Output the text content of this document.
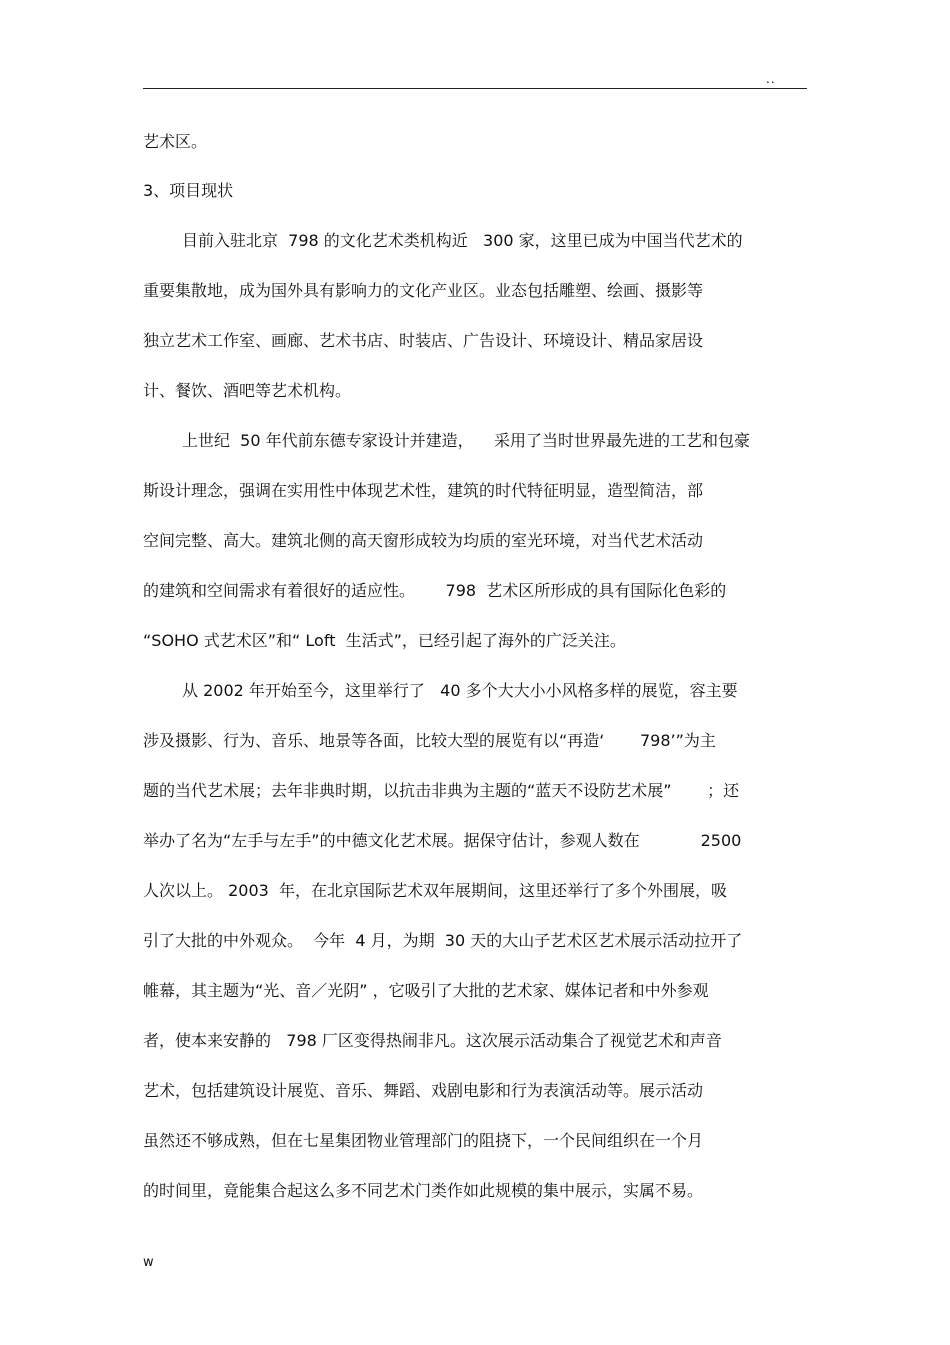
..
艺术区。
3、项目现状
目前入驻北京  798 的文化艺术类机构近   300 家，这里已成为中国当代艺术的
重要集散地，成为国外具有影响力的文化产业区。业态包括雕塑、绘画、摄影等
独立艺术工作室、画廊、艺术书店、时装店、广告设计、环境设计、精品家居设
计、餐饮、酒吧等艺术机构。
上世纪  50 年代前东德专家设计并建造，    采用了当时世界最先进的工艺和包豪
斯设计理念，强调在实用性中体现艺术性，建筑的时代特征明显，造型简洁，部
空间完整、高大。建筑北侧的高天窗形成较为均质的室光环境，对当代艺术活动
的建筑和空间需求有着很好的适应性。      798  艺术区所形成的具有国际化色彩的
“SOHO 式艺术区”和“ Loft  生活式”，已经引起了海外的广泛关注。
从 2002 年开始至今，这里举行了   40 多个大大小小风格多样的展览，容主要
涉及摄影、行为、音乐、地景等各面，比较大型的展览有以“再造‘       798’”为主
题的当代艺术展；去年非典时期，以抗击非典为主题的“蓝天不设防艺术展”       ；还
举办了名为“左手与左手”的中德文化艺术展。据保守估计，参观人数在            2500
人次以上。 2003  年，在北京国际艺术双年展期间，这里还举行了多个外围展，吸
引了大批的中外观众。  今年  4 月，为期  30 天的大山子艺术区艺术展示活动拉开了
帷幕，其主题为“光、音／光阴” ，它吸引了大批的艺术家、媒体记者和中外参观
者，使本来安静的   798 厂区变得热闹非凡。这次展示活动集合了视觉艺术和声音
艺术，包括建筑设计展览、音乐、舞蹈、戏剧电影和行为表演活动等。展示活动
虽然还不够成熟，但在七星集团物业管理部门的阻挠下，一个民间组织在一个月
的时间里，竟能集合起这么多不同艺术门类作如此规模的集中展示，实属不易。
w
